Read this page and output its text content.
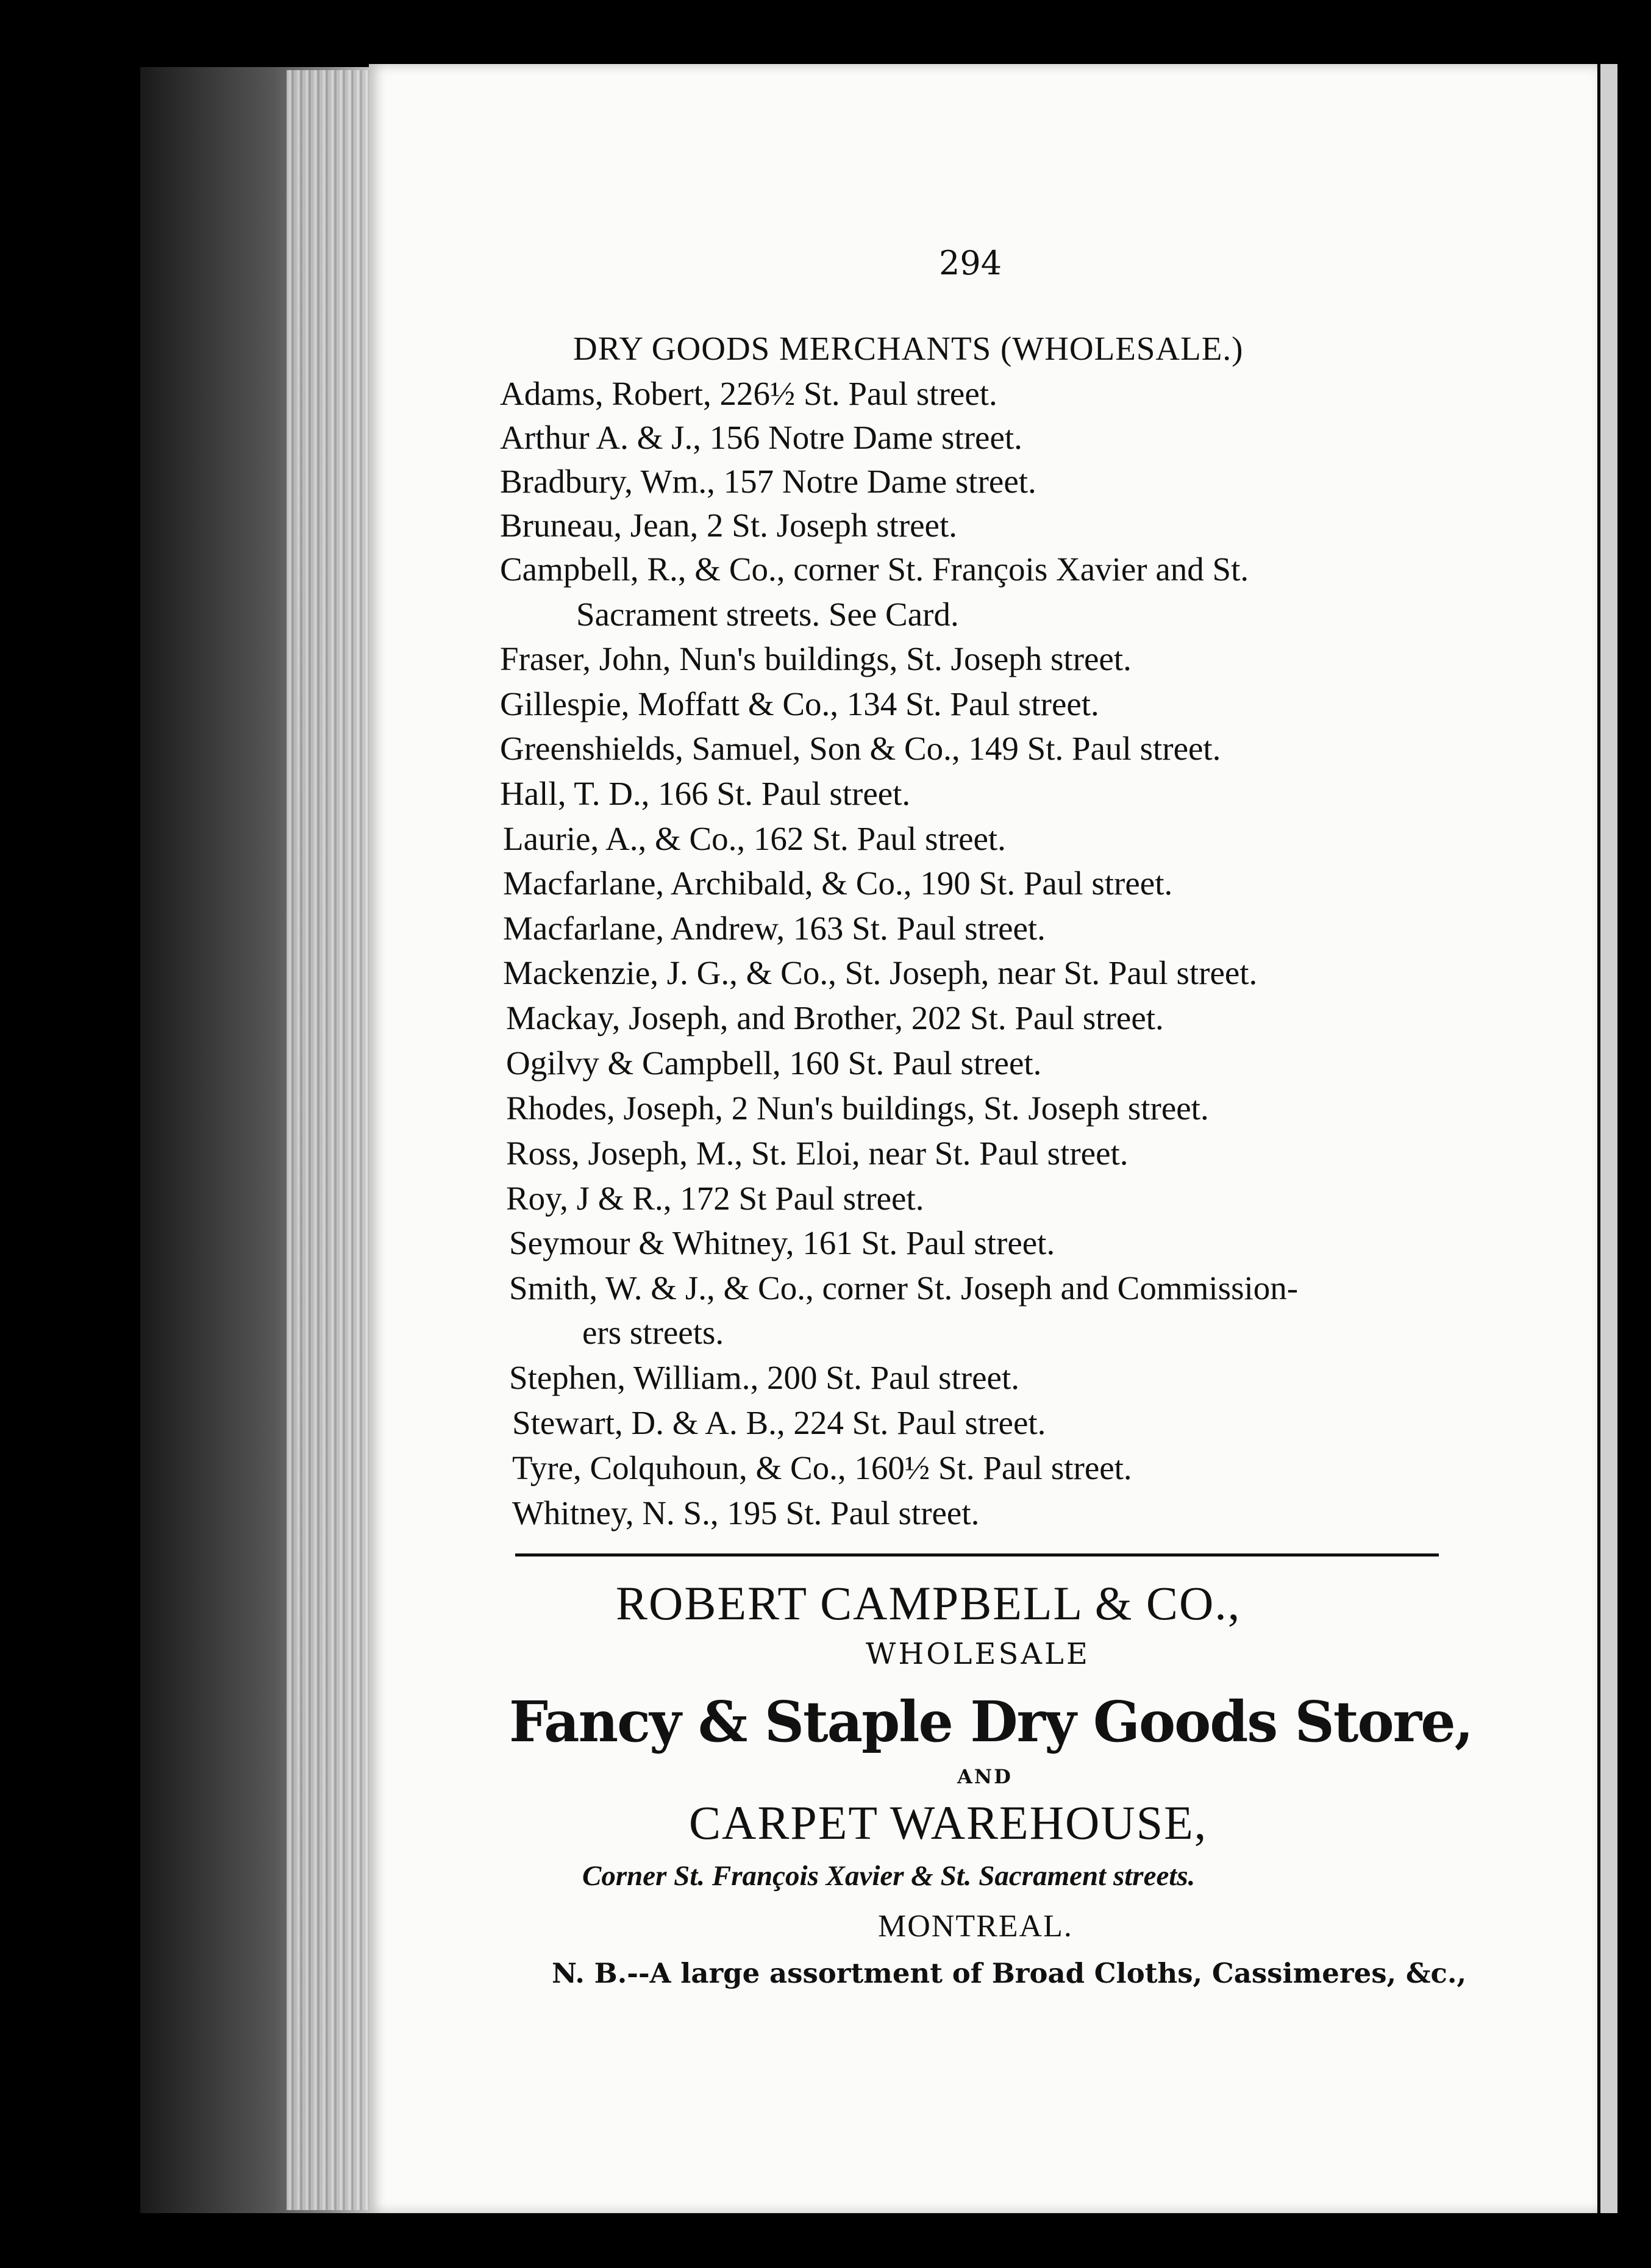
294
DRY GOODS MERCHANTS (WHOLESALE.)
Adams, Robert, 226½ St. Paul street.
Arthur A. & J., 156 Notre Dame street.
Bradbury, Wm., 157 Notre Dame street.
Bruneau, Jean, 2 St. Joseph street.
Campbell, R., & Co., corner St. François Xavier and St.
Sacrament streets. See Card.
Fraser, John, Nun's buildings, St. Joseph street.
Gillespie, Moffatt & Co., 134 St. Paul street.
Greenshields, Samuel, Son & Co., 149 St. Paul street.
Hall, T. D., 166 St. Paul street.
Laurie, A., & Co., 162 St. Paul street.
Macfarlane, Archibald, & Co., 190 St. Paul street.
Macfarlane, Andrew, 163 St. Paul street.
Mackenzie, J. G., & Co., St. Joseph, near St. Paul street.
Mackay, Joseph, and Brother, 202 St. Paul street.
Ogilvy & Campbell, 160 St. Paul street.
Rhodes, Joseph, 2 Nun's buildings, St. Joseph street.
Ross, Joseph, M., St. Eloi, near St. Paul street.
Roy, J & R., 172 St Paul street.
Seymour & Whitney, 161 St. Paul street.
Smith, W. & J., & Co., corner St. Joseph and Commission-
ers streets.
Stephen, William., 200 St. Paul street.
Stewart, D. & A. B., 224 St. Paul street.
Tyre, Colquhoun, & Co., 160½ St. Paul street.
Whitney, N. S., 195 St. Paul street.
ROBERT CAMPBELL & CO.,
WHOLESALE
Fancy & Staple Dry Goods Store,
AND
CARPET WAREHOUSE,
Corner St. François Xavier & St. Sacrament streets.
MONTREAL.
N. B.--A large assortment of Broad Cloths, Cassimeres, &c.,
